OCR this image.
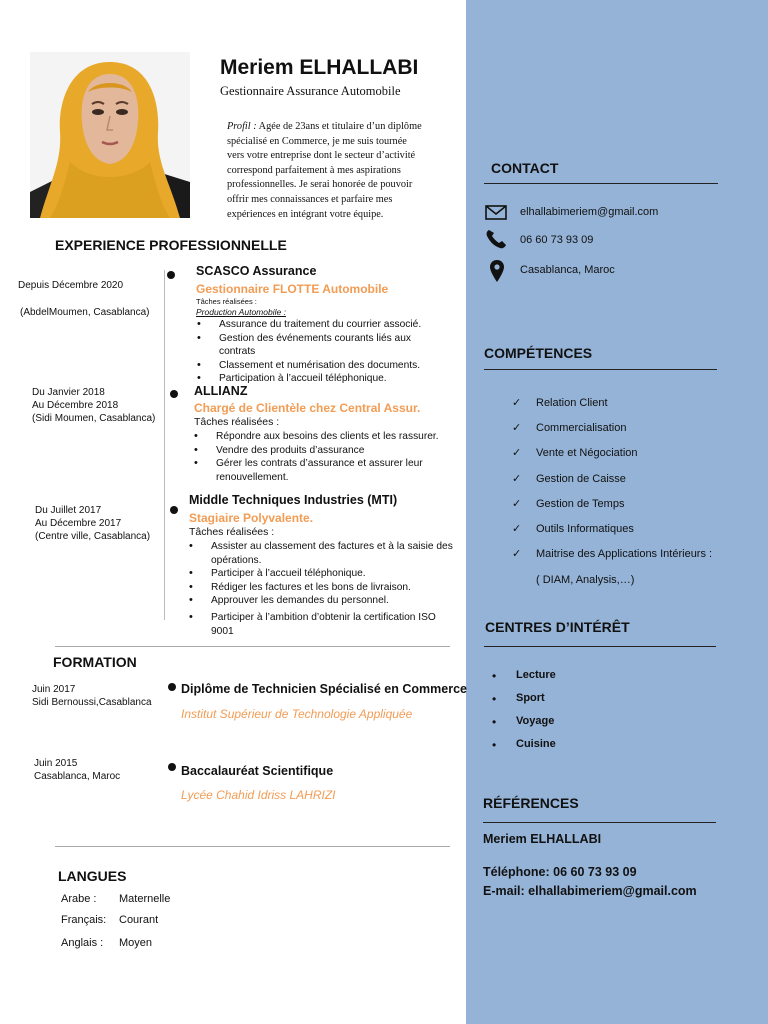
Meriem ELHALLABI
Gestionnaire Assurance Automobile
Profil : Agée de 23ans et titulaire d’un diplôme
spécialisé en Commerce, je me suis tournée
vers votre entreprise dont le secteur d’activité
correspond parfaitement à mes aspirations
professionnelles. Je serai honorée de pouvoir
offrir mes connaissances et parfaire mes
expériences en intégrant votre équipe.
EXPERIENCE PROFESSIONNELLE
Depuis Décembre 2020
(AbdelMoumen, Casablanca)
SCASCO Assurance
Gestionnaire FLOTTE Automobile
Tâches réalisées :
Production Automobile :
• Assurance du traitement du courrier associé.
• Gestion des événements courants liés aux contrats
• Classement et numérisation des documents.
• Participation à l’accueil téléphonique.
Du Janvier 2018
Au Décembre 2018
(Sidi Moumen, Casablanca)
ALLIANZ
Chargé de Clientèle chez Central Assur.
Tâches réalisées :
• Répondre aux besoins des clients et les rassurer.
• Vendre des produits d’assurance
• Gérer les contrats d’assurance et assurer leur renouvellement.
Du Juillet 2017
Au Décembre 2017
(Centre ville, Casablanca)
Middle Techniques Industries (MTI)
Stagiaire Polyvalente.
Tâches réalisées :
• Assister au classement des factures et à la saisie des opérations.
• Participer à l’accueil téléphonique.
• Rédiger les factures et les bons de livraison.
• Approuver les demandes du personnel.
• Participer à l’ambition d’obtenir la certification ISO 9001
FORMATION
Juin 2017
Sidi Bernoussi,Casablanca
Diplôme de Technicien Spécialisé en Commerce
Institut Supérieur de Technologie Appliquée
Juin 2015
Casablanca, Maroc	Baccalauréat Scientifique
Lycée Chahid Idriss LAHRIZI
LANGUES
Arabe : Maternelle
Français: Courant
Anglais : Moyen
CONTACT
elhallabimeriem@gmail.com
06 60 73 93 09
Casablanca, Maroc
COMPÉTENCES
✓ Relation Client
✓ Commercialisation
✓ Vente et Négociation
✓ Gestion de Caisse
✓ Gestion de Temps
✓ Outils Informatiques
✓ Maitrise des Applications Intérieurs :
( DIAM, Analysis,…)
CENTRES D’INTÉRÊT
• Lecture
• Sport
• Voyage
• Cuisine
RÉFÉRENCES
Meriem ELHALLABI
Téléphone: 06 60 73 93 09
E-mail: elhallabimeriem@gmail.com
